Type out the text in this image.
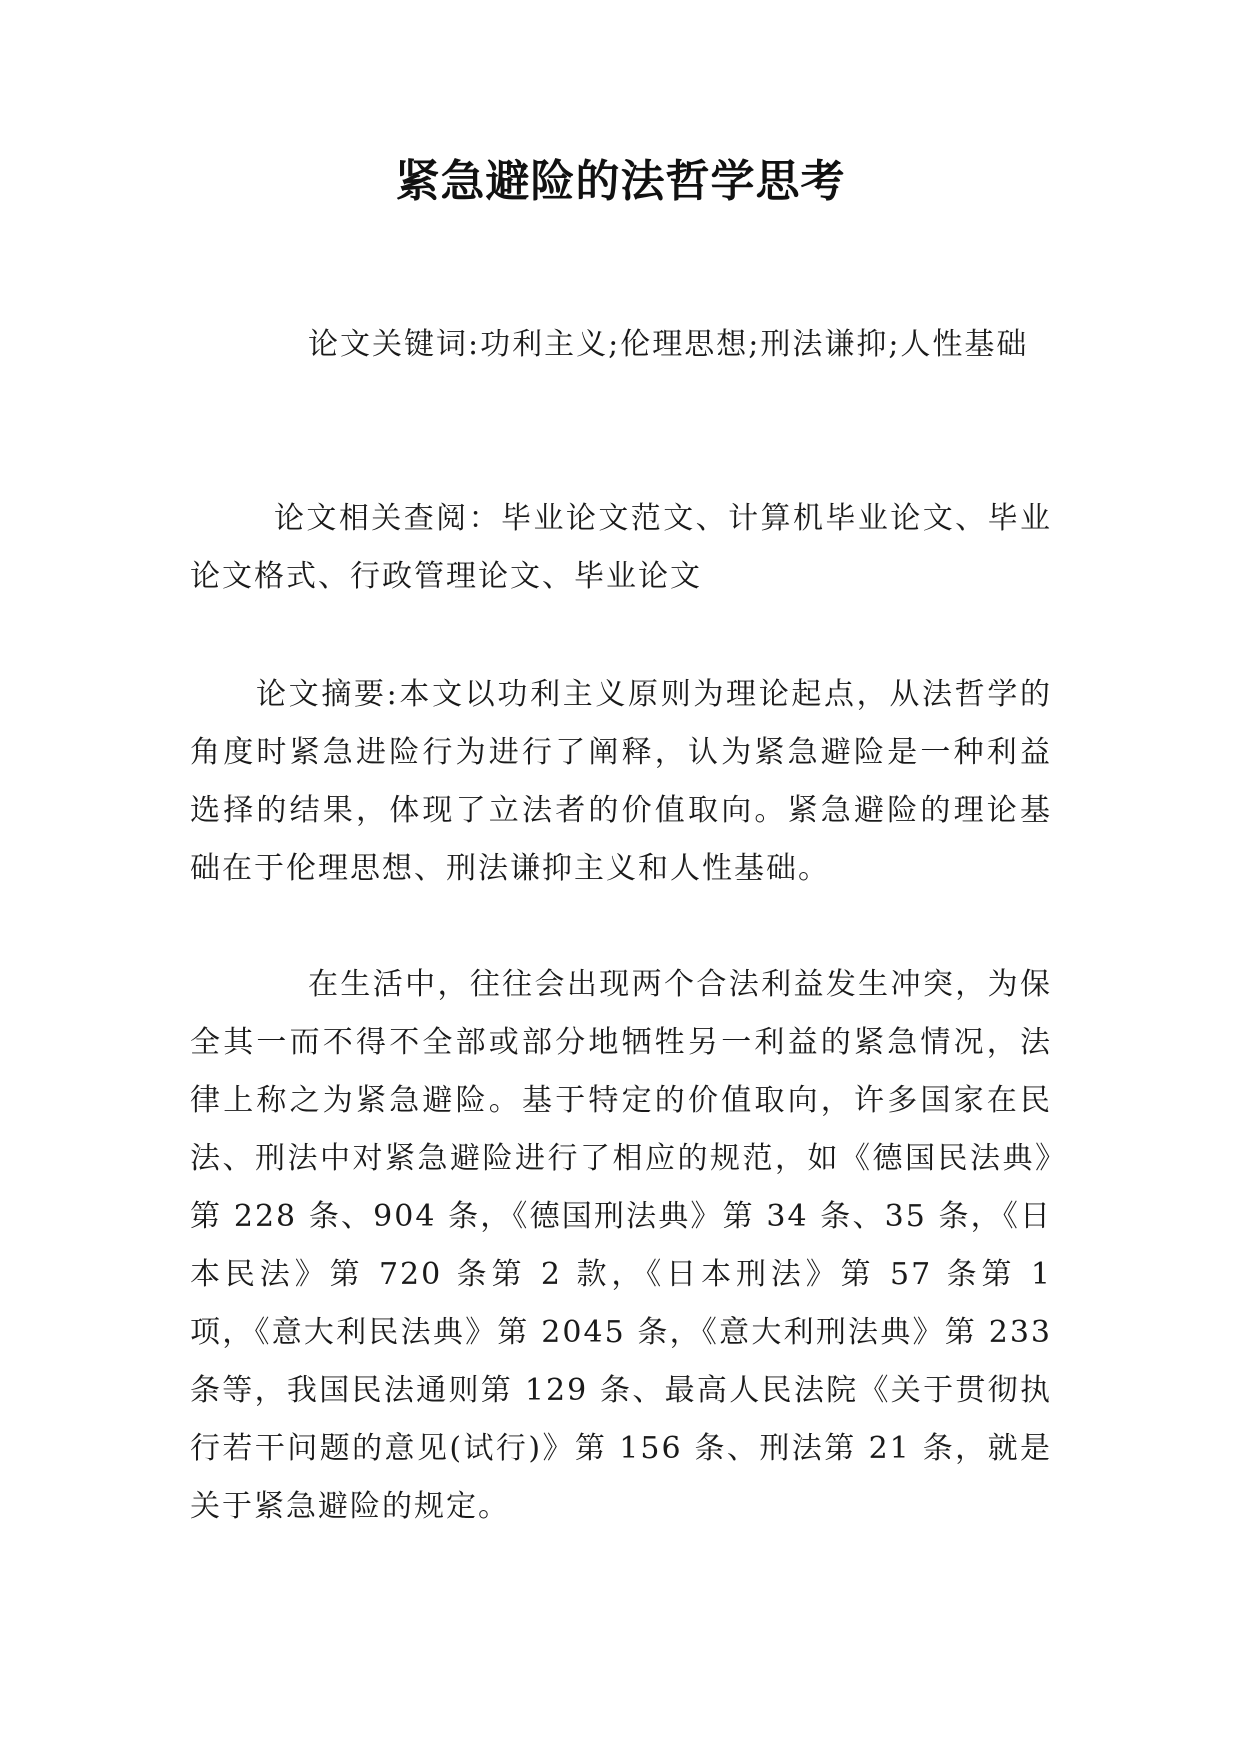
紧急避险的法哲学思考

论文关键词:功利主义;伦理思想;刑法谦抑;人性基础

论文相关查阅：毕业论文范文、计算机毕业论文、毕业论文格式、行政管理论文、毕业论文

论文摘要:本文以功利主义原则为理论起点，从法哲学的角度时紧急进险行为进行了阐释，认为紧急避险是一种利益选择的结果，体现了立法者的价值取向。紧急避险的理论基础在于伦理思想、刑法谦抑主义和人性基础。

在生活中，往往会出现两个合法利益发生冲突，为保全其一而不得不全部或部分地牺牲另一利益的紧急情况，法律上称之为紧急避险。基于特定的价值取向，许多国家在民法、刑法中对紧急避险进行了相应的规范，如《德国民法典》第 228 条、904 条，《德国刑法典》第 34 条、35 条，《日本民法》第 720 条第 2 款，《日本刑法》第 57 条第 1 项，《意大利民法典》第 2045 条，《意大利刑法典》第 233 条等，我国民法通则第 129 条、最高人民法院《关于贯彻执行若干问题的意见(试行)》第 156 条、刑法第 21 条，就是关于紧急避险的规定。
